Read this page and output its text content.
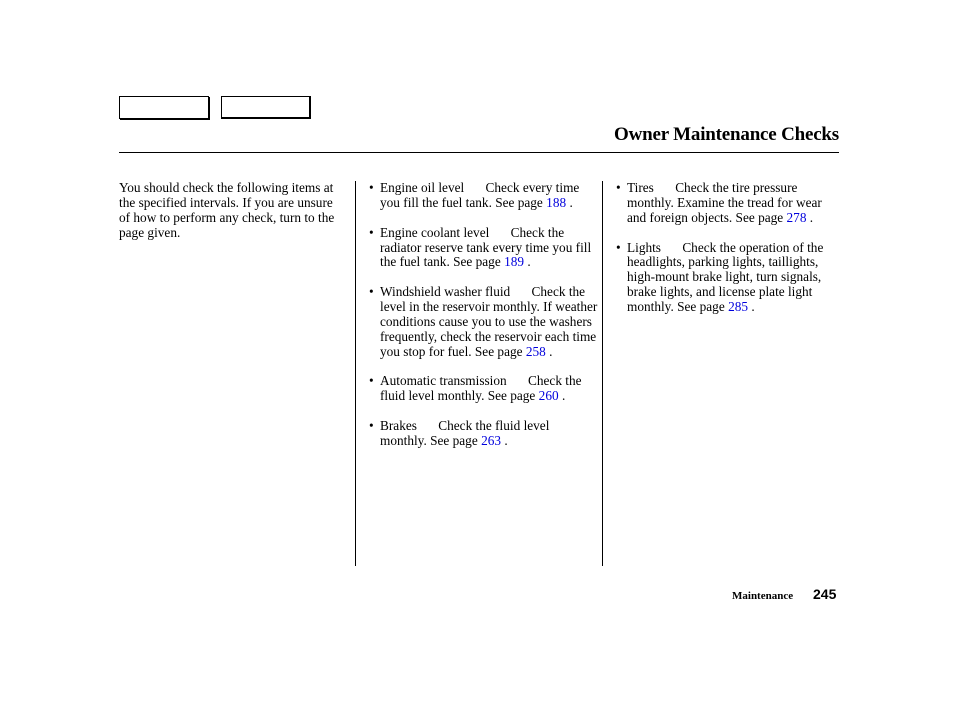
Owner Maintenance Checks
You should check the following items at the specified intervals. If you are unsure of how to perform any check, turn to the page given.
• Engine oil level Check every time you fill the fuel tank. See page 188 .
• Engine coolant level Check the radiator reserve tank every time you fill the fuel tank. See page 189 .
• Windshield washer fluid Check the level in the reservoir monthly. If weather conditions cause you to use the washers frequently, check the reservoir each time you stop for fuel. See page 258 .
• Automatic transmission Check the fluid level monthly. See page 260 .
• Brakes Check the fluid level monthly. See page 263 .
• Tires Check the tire pressure monthly. Examine the tread for wear and foreign objects. See page 278 .
• Lights Check the operation of the headlights, parking lights, taillights, high-mount brake light, turn signals, brake lights, and license plate light monthly. See page 285 .
Maintenance 245
